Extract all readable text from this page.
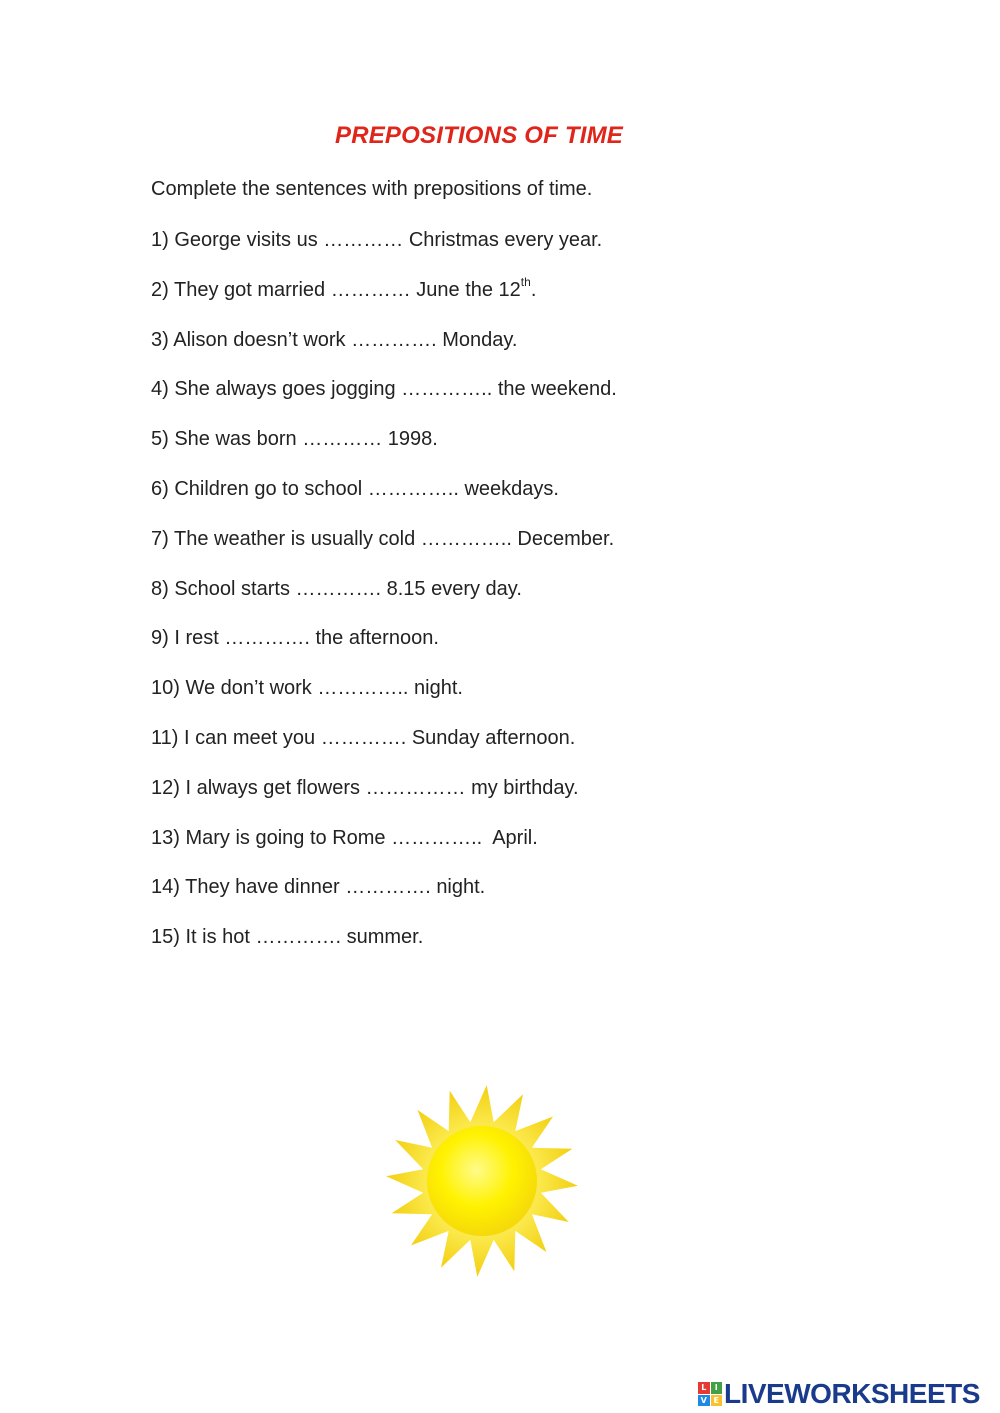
PREPOSITIONS OF TIME
Complete the sentences with prepositions of time.
1) George visits us ………… Christmas every year.
2) They got married ………… June the 12th.
3) Alison doesn’t work …………. Monday.
4) She always goes jogging ………….. the weekend.
5) She was born ………… 1998.
6) Children go to school ………….. weekdays.
7) The weather is usually cold ………….. December.
8) School starts …………. 8.15 every day.
9) I rest …………. the afternoon.
10) We don’t work ………….. night.
11) I can meet you …………. Sunday afternoon.
12) I always get flowers …………… my birthday.
13) Mary is going to Rome …………..  April.
14) They have dinner …………. night.
15) It is hot …………. summer.
L	I
V E LIVEWORKSHEETS
